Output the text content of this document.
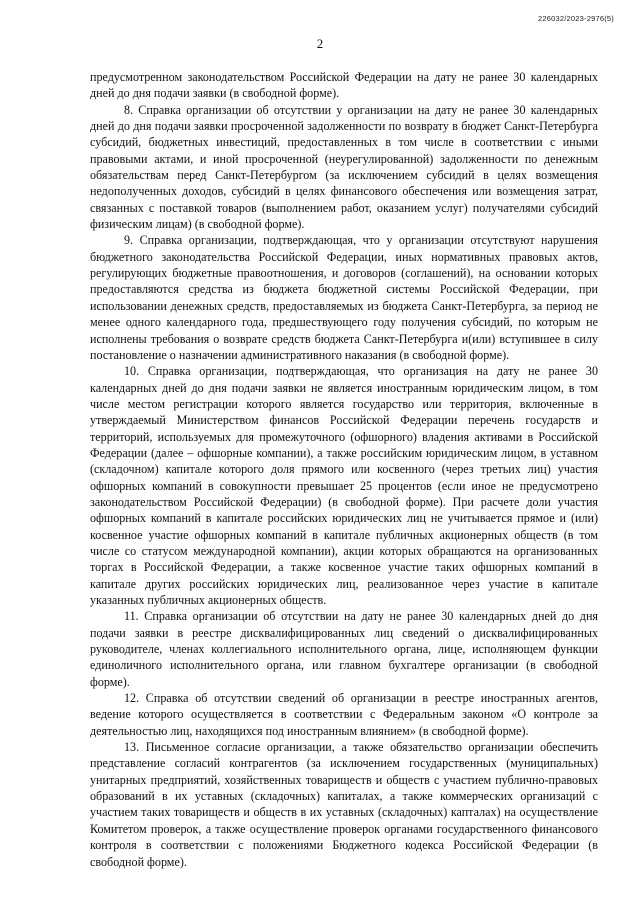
226032/2023-2976(5)
2

предусмотренном законодательством Российской Федерации на дату не ранее 30 календарных дней до дня подачи заявки (в свободной форме).

8. Справка организации об отсутствии у организации на дату не ранее 30 календарных дней до дня подачи заявки просроченной задолженности по возврату в бюджет Санкт-Петербурга субсидий, бюджетных инвестиций, предоставленных в том числе в соответствии с иными правовыми актами, и иной просроченной (неурегулированной) задолженности по денежным обязательствам перед Санкт-Петербургом (за исключением субсидий в целях возмещения недополученных доходов, субсидий в целях финансового обеспечения или возмещения затрат, связанных с поставкой товаров (выполнением работ, оказанием услуг) получателями субсидий физическим лицам) (в свободной форме).

9. Справка организации, подтверждающая, что у организации отсутствуют нарушения бюджетного законодательства Российской Федерации, иных нормативных правовых актов, регулирующих бюджетные правоотношения, и договоров (соглашений), на основании которых предоставляются средства из бюджета бюджетной системы Российской Федерации, при использовании денежных средств, предоставляемых из бюджета Санкт-Петербурга, за период не менее одного календарного года, предшествующего году получения субсидий, по которым не исполнены требования о возврате средств бюджета Санкт-Петербурга и(или) вступившее в силу постановление о назначении административного наказания (в свободной форме).

10. Справка организации, подтверждающая, что организация на дату не ранее 30 календарных дней до дня подачи заявки не является иностранным юридическим лицом, в том числе местом регистрации которого является государство или территория, включенные в утверждаемый Министерством финансов Российской Федерации перечень государств и территорий, используемых для промежуточного (офшорного) владения активами в Российской Федерации (далее – офшорные компании), а также российским юридическим лицом, в уставном (складочном) капитале которого доля прямого или косвенного (через третьих лиц) участия офшорных компаний в совокупности превышает 25 процентов (если иное не предусмотрено законодательством Российской Федерации) (в свободной форме). При расчете доли участия офшорных компаний в капитале российских юридических лиц не учитывается прямое и (или) косвенное участие офшорных компаний в капитале публичных акционерных обществ (в том числе со статусом международной компании), акции которых обращаются на организованных торгах в Российской Федерации, а также косвенное участие таких офшорных компаний в капитале других российских юридических лиц, реализованное через участие в капитале указанных публичных акционерных обществ.

11. Справка организации об отсутствии на дату не ранее 30 календарных дней до дня подачи заявки в реестре дисквалифицированных лиц сведений о дисквалифицированных руководителе, членах коллегиального исполнительного органа, лице, исполняющем функции единоличного исполнительного органа, или главном бухгалтере организации (в свободной форме).

12. Справка об отсутствии сведений об организации в реестре иностранных агентов, ведение которого осуществляется в соответствии с Федеральным законом «О контроле за деятельностью лиц, находящихся под иностранным влиянием» (в свободной форме).

13. Письменное согласие организации, а также обязательство организации обеспечить представление согласий контрагентов (за исключением государственных (муниципальных) унитарных предприятий, хозяйственных товариществ и обществ с участием публично-правовых образований в их уставных (складочных) капиталах, а также коммерческих организаций с участием таких товариществ и обществ в их уставных (складочных) капталах) на осуществление Комитетом проверок, а также осуществление проверок органами государственного финансового контроля в соответствии с положениями Бюджетного кодекса Российской Федерации (в свободной форме).
